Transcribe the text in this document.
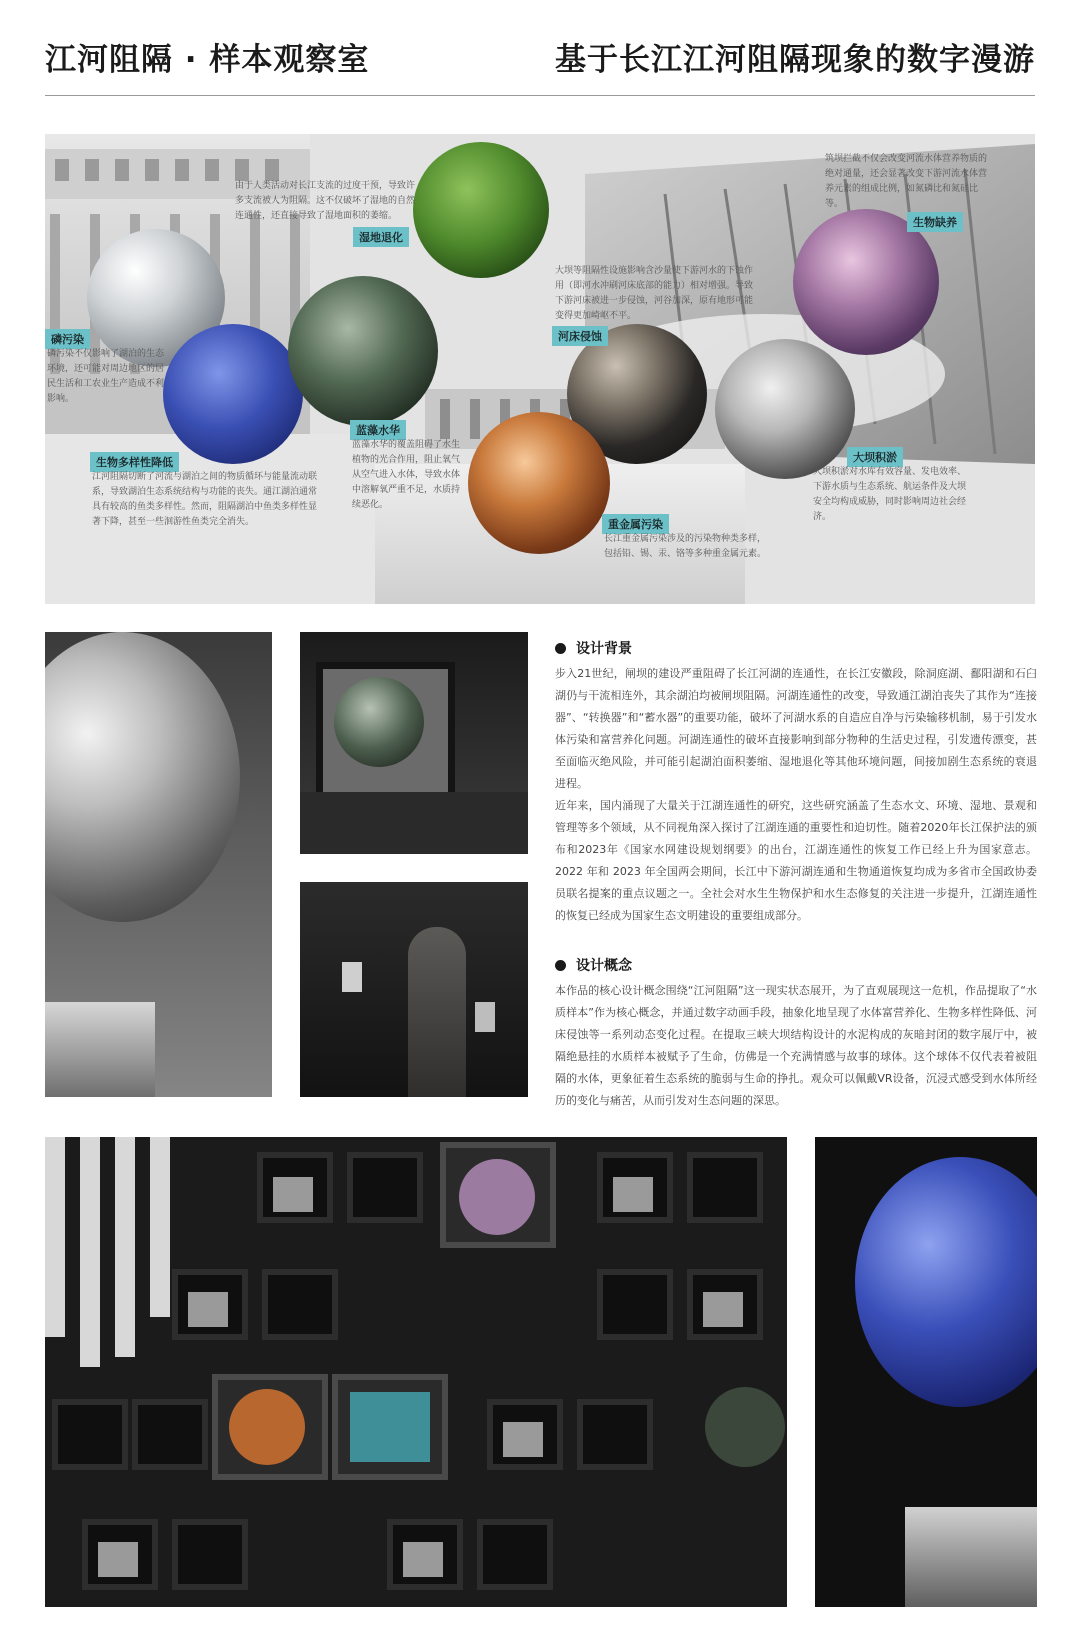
江河阻隔 · 样本观察室	基于长江江河阻隔现象的数字漫游
由于人类活动对长江支流的过度干预，导致许多支流被人为阻隔。这不仅破坏了湿地的自然连通性，还直接导致了湿地面积的萎缩。
湿地退化
磷污染
磷污染不仅影响了湖泊的生态环境，还可能对周边地区的居民生活和工农业生产造成不利影响。
生物多样性降低
江河阻隔切断了河流与湖泊之间的物质循环与能量流动联系，导致湖泊生态系统结构与功能的丧失。通江湖泊通常具有较高的鱼类多样性。然而，阻隔湖泊中鱼类多样性显著下降，甚至一些洄游性鱼类完全消失。
蓝藻水华
蓝藻水华的覆盖阻碍了水生植物的光合作用，阻止氧气从空气进入水体，导致水体中溶解氧严重不足，水质持续恶化。
大坝等阻隔性设施影响含沙量使下游河水的下蚀作用（即河水冲刷河床底部的能力）相对增强。导致下游河床被进一步侵蚀，河谷加深，原有地形可能变得更加崎岖不平。
河床侵蚀
重金属污染
长江重金属污染涉及的污染物种类多样，包括铅、锡、汞、铬等多种重金属元素。
大坝积淤
大坝积淤对水库有效容量、发电效率、下游水质与生态系统、航运条件及大坝安全均构成威胁，同时影响周边社会经济。
筑坝拦截不仅会改变河流水体营养物质的绝对通量，还会显著改变下游河流水体营养元素的组成比例，如氮磷比和氮硅比等。
生物缺养
设计背景

步入21世纪，闸坝的建设严重阻碍了长江河湖的连通性，在长江安徽段，除洞庭湖、鄱阳湖和石臼湖仍与干流相连外，其余湖泊均被闸坝阻隔。河湖连通性的改变，导致通江湖泊丧失了其作为“连接器”、“转换器”和“蓄水器”的重要功能，破坏了河湖水系的自造应自净与污染输移机制，易于引发水体污染和富营养化问题。河湖连通性的破坏直接影响到部分物种的生活史过程，引发遗传漂变，甚至面临灭绝风险，并可能引起湖泊面积萎缩、湿地退化等其他环境问题，间接加剧生态系统的衰退进程。

近年来，国内涌现了大量关于江湖连通性的研究，这些研究涵盖了生态水文、环境、湿地、景观和管理等多个领域，从不同视角深入探讨了江湖连通的重要性和迫切性。随着2020年长江保护法的颁布和2023年《国家水网建设规划纲要》的出台，江湖连通性的恢复工作已经上升为国家意志。2022 年和 2023 年全国两会期间，长江中下游河湖连通和生物通道恢复均成为多省市全国政协委员联名提案的重点议题之一。全社会对水生生物保护和水生态修复的关注进一步提升，江湖连通性的恢复已经成为国家生态文明建设的重要组成部分。

设计概念

本作品的核心设计概念围绕“江河阻隔”这一现实状态展开，为了直观展现这一危机，作品提取了“水质样本”作为核心概念，并通过数字动画手段，抽象化地呈现了水体富营养化、生物多样性降低、河床侵蚀等一系列动态变化过程。在提取三峡大坝结构设计的水泥构成的灰暗封闭的数字展厅中，被隔绝悬挂的水质样本被赋予了生命，仿佛是一个充满情感与故事的球体。这个球体不仅代表着被阻隔的水体，更象征着生态系统的脆弱与生命的挣扎。观众可以佩戴VR设备，沉浸式感受到水体所经历的变化与痛苦，从而引发对生态问题的深思。
